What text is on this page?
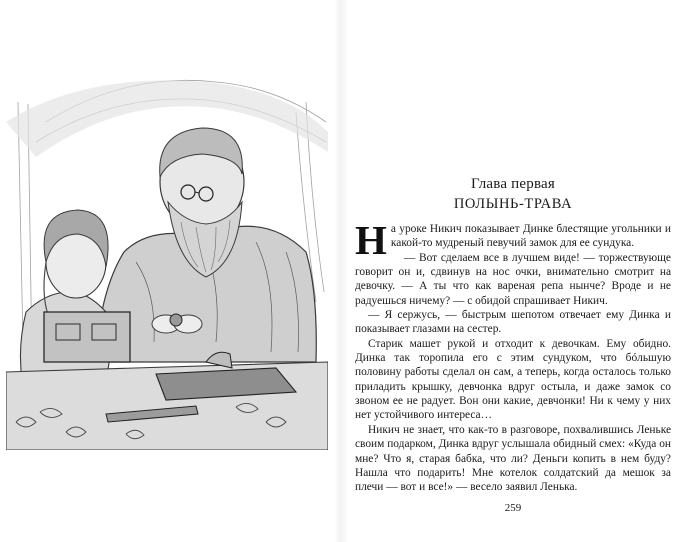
Глава первая
ПОЛЫНЬ-ТРАВА

На уроке Никич показывает Динке блестящие угольники и какой-то мудреный певучий замок для ее сундука.

— Вот сделаем все в лучшем виде! — торжествующе говорит он и, сдвинув на нос очки, внимательно смотрит на девочку. — А ты что как вареная репа нынче? Вроде и не радуешься ничему? — с обидой спрашивает Никич.

— Я сержусь, — быстрым шепотом отвечает ему Динка и показывает глазами на сестер.

Старик машет рукой и отходит к девочкам. Ему обидно. Динка так торопила его с этим сундуком, что бóльшую половину работы сделал он сам, а теперь, когда осталось только приладить крышку, девчонка вдруг остыла, и даже замок со звоном ее не радует. Вон они какие, девчонки! Ни к чему у них нет устойчивого интереса…

Никич не знает, что как-то в разговоре, похвалившись Леньке своим подарком, Динка вдруг услышала обидный смех: «Куда он мне? Что я, старая бабка, что ли? Деньги копить в нем буду? Нашла что подарить! Мне котелок солдатский да мешок за плечи — вот и все!» — весело заявил Ленька.

259
